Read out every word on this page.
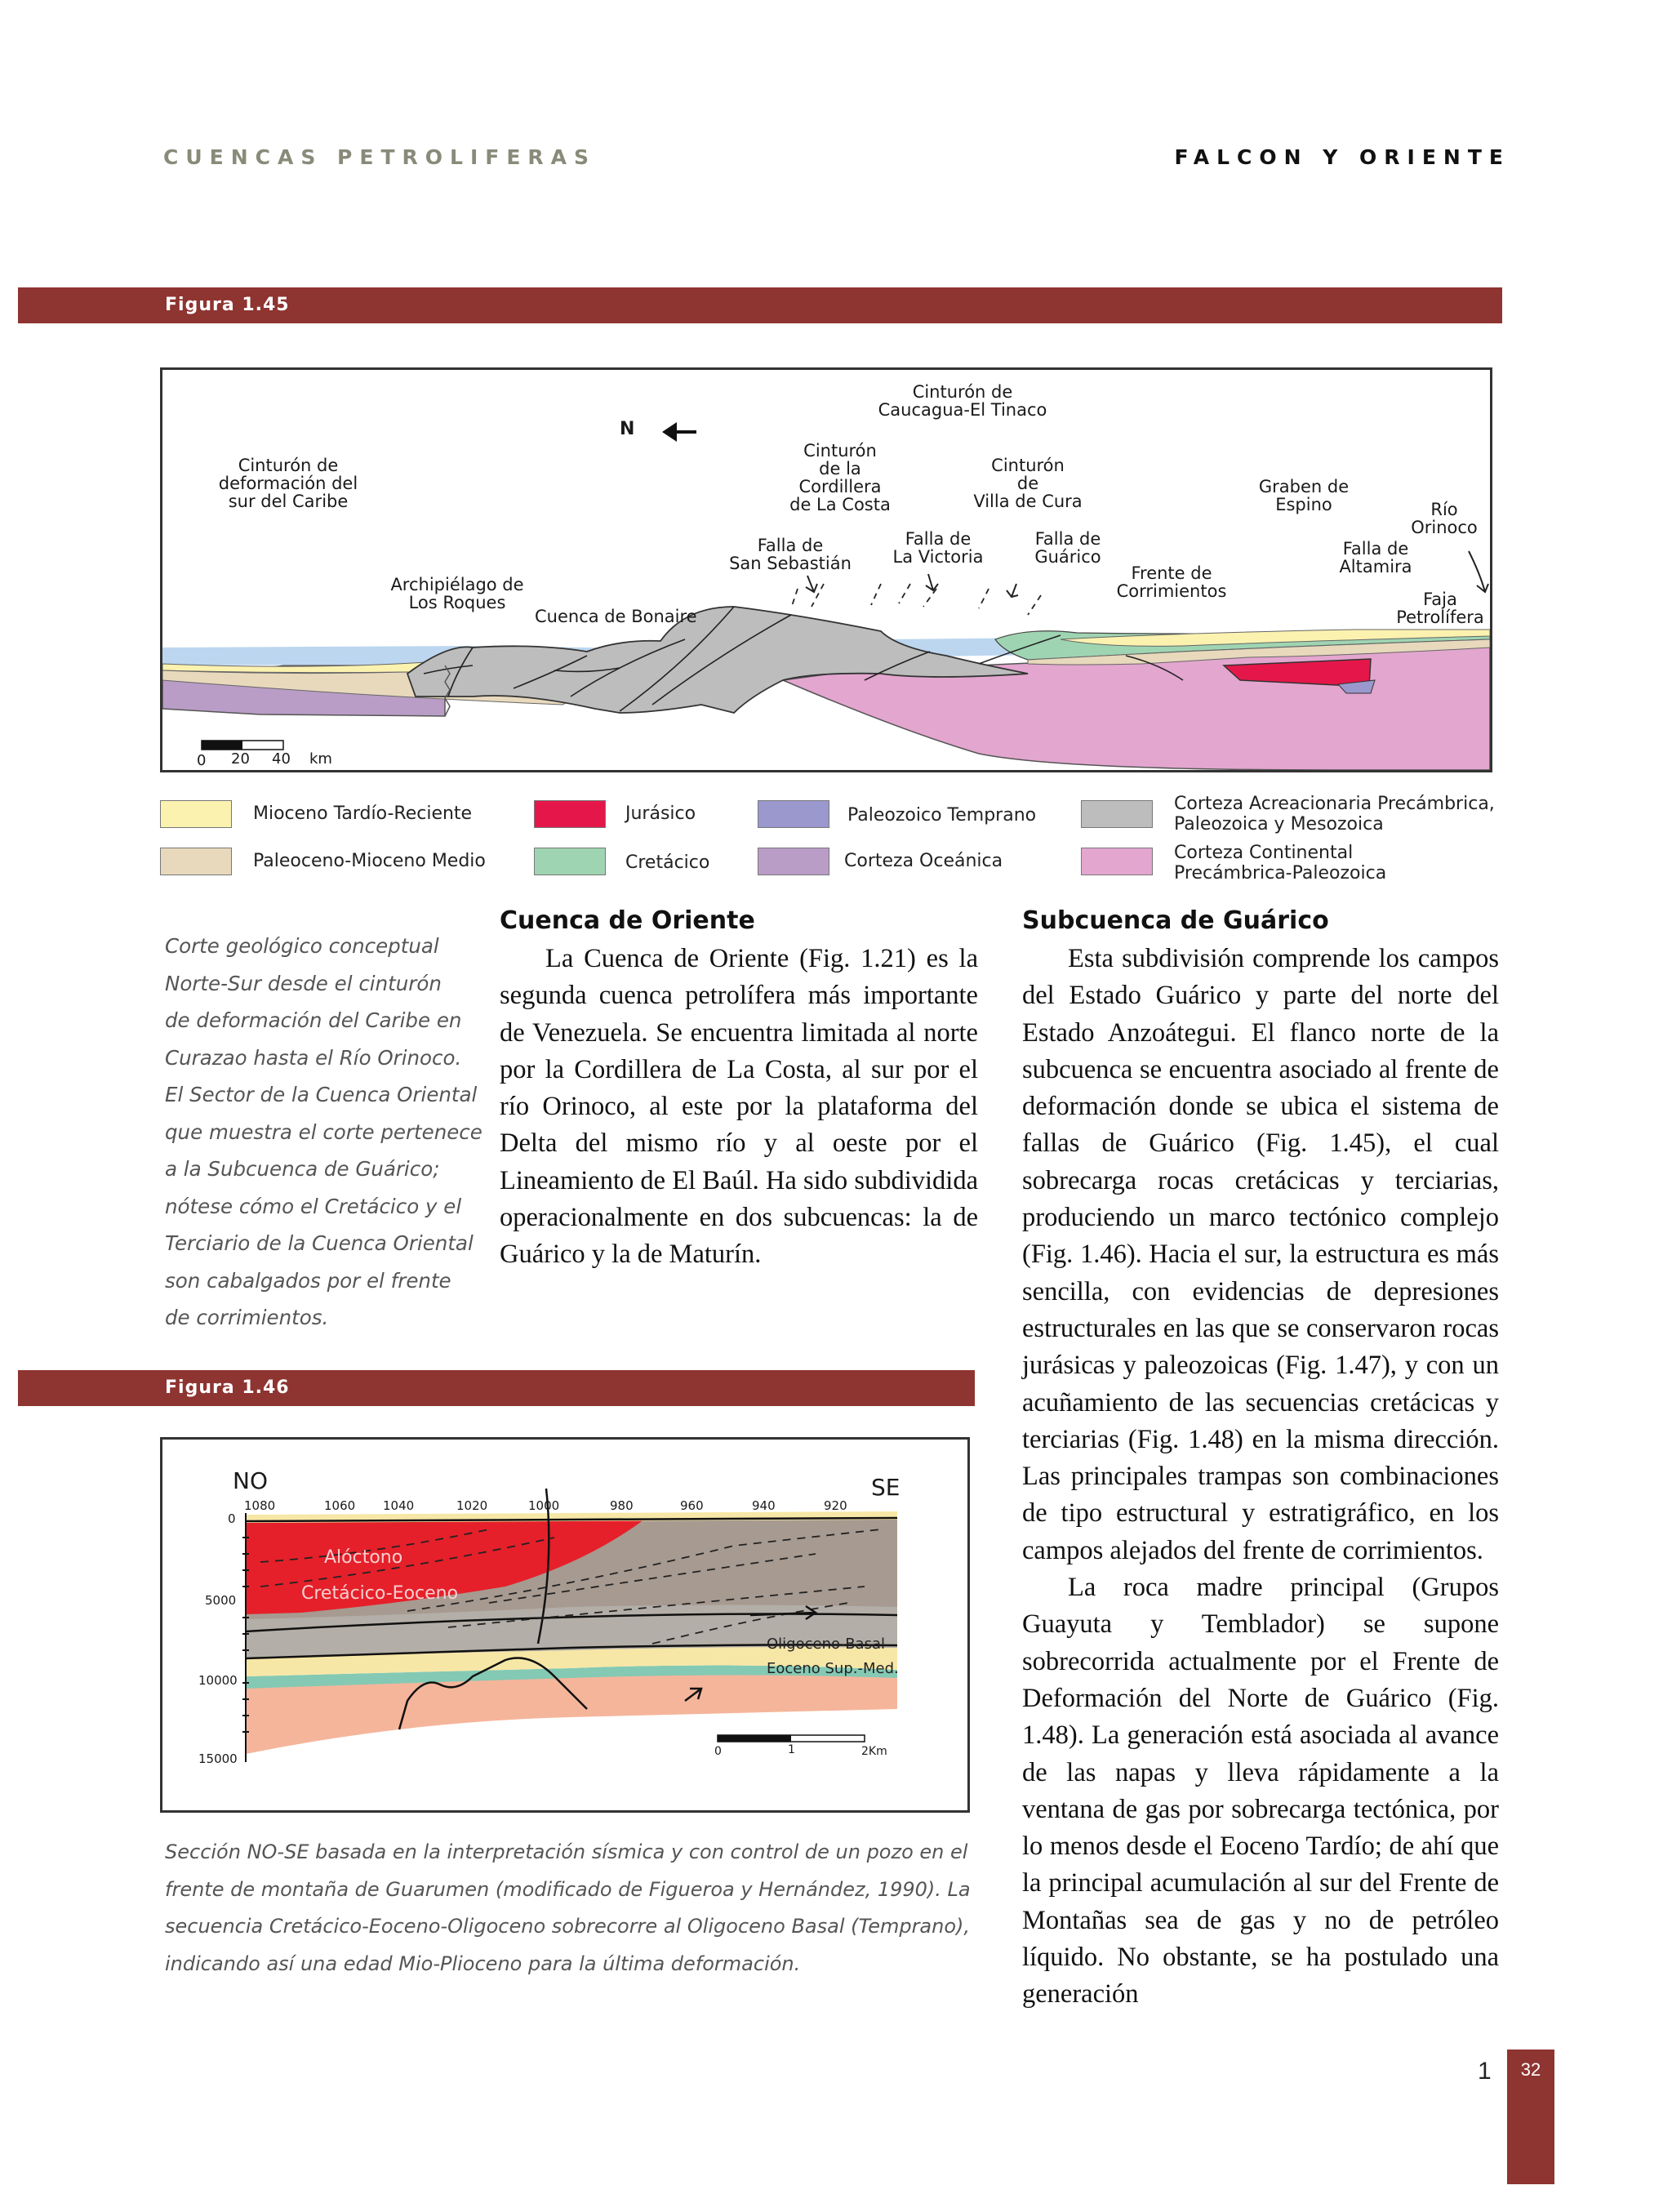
CUENCAS PETROLIFERAS	FALCON Y ORIENTE
Figura 1.45
Cinturón de
deformación del
sur del Caribe
N
Cinturón de
Caucagua-El Tinaco
Cinturón
de la
Cordillera
de La Costa
Cinturón
de
Villa de Cura
Graben de
Espino	Río
Orinoco
Falla de
San Sebastián
Falla de
La Victoria
Falla de
Guárico	Falla de
Altamira
Frente de
Corrimientos
Archipiélago de
Los Roques
Cuenca de Bonaire
Faja
Petrolífera
0 20 40 km
Mioceno Tardío-Reciente
Paleoceno-Mioceno Medio
Jurásico
Cretácico
Paleozoico Temprano
Corteza Oceánica
Corteza Acreacionaria Precámbrica,
Paleozoica y Mesozoica
Corteza Continental
Precámbrica-Paleozoica
Corte geológico conceptual
Norte-Sur desde el cinturón
de deformación del Caribe en
Curazao hasta el Río Orinoco.
El Sector de la Cuenca Oriental
que muestra el corte pertenece
a la Subcuenca de Guárico;
nótese cómo el Cretácico y el
Terciario de la Cuenca Oriental
son cabalgados por el frente
de corrimientos.
Cuenca de Oriente

La Cuenca de Oriente (Fig. 1.21) es la segunda cuenca petrolífera más importante de Venezuela. Se encuentra limitada al norte por la Cordillera de La Costa, al sur por el río Orinoco, al este por la plataforma del Delta del mismo río y al oeste por el Lineamiento de El Baúl. Ha sido subdividida operacionalmente en dos subcuencas: la de Guárico y la de Maturín.

Subcuenca de Guárico

Esta subdivisión comprende los campos del Estado Guárico y parte del norte del Estado Anzoátegui. El flanco norte de la subcuenca se encuentra asociado al frente de deformación donde se ubica el sistema de fallas de Guárico (Fig. 1.45), el cual sobrecarga rocas cretácicas y terciarias, produciendo un marco tectónico complejo (Fig. 1.46). Hacia el sur, la estructura es más sencilla, con evidencias de depresiones estructurales en las que se conservaron rocas jurásicas y paleozoicas (Fig. 1.47), y con un acuñamiento de las secuencias cretácicas y terciarias (Fig. 1.48) en la misma dirección. Las principales trampas son combinaciones de tipo estructural y estratigráfico, en los campos alejados del frente de corrimientos.

La roca madre principal (Grupos Guayuta y Temblador) se supone sobrecorrida actualmente por el Frente de Deformación del Norte de Guárico (Fig. 1.48). La generación está asociada al avance de las napas y lleva rápidamente a la ventana de gas por sobrecarga tectónica, por lo menos desde el Eoceno Tardío; de ahí que la principal acumulación al sur del Frente de Montañas sea de gas y no de petróleo líquido. No obstante, se ha postulado una generación

Figura 1.46
NO	SE
1080	1060 1040	1020	1000	980	960	940	920
0
5000
10000
15000
Alóctono
Cretácico-Eoceno
Oligoceno-Basal
Eoceno Sup.-Med.
0	1	2Km
Sección NO-SE basada en la interpretación sísmica y con control de un pozo en el
frente de montaña de Guarumen (modificado de Figueroa y Hernández, 1990). La
secuencia Cretácico-Eoceno-Oligoceno sobrecorre al Oligoceno Basal (Temprano),
indicando así una edad Mio-Plioceno para la última deformación.
1	32
